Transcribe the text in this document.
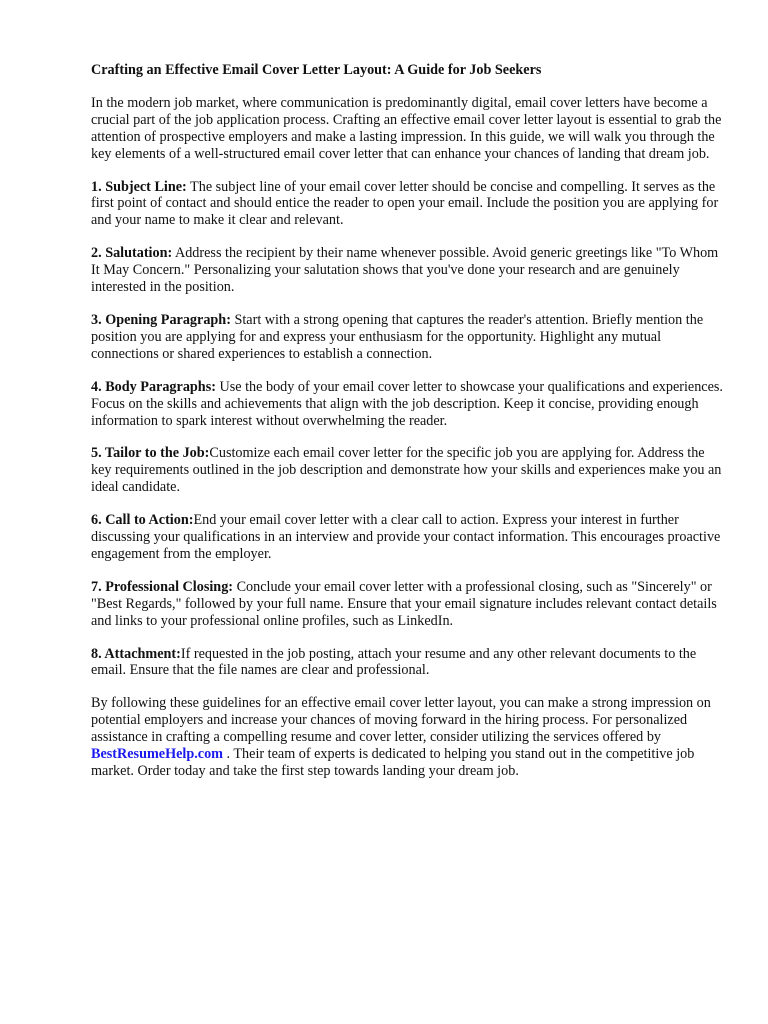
Crafting an Effective Email Cover Letter Layout: A Guide for Job Seekers
In the modern job market, where communication is predominantly digital, email cover letters have become a crucial part of the job application process. Crafting an effective email cover letter layout is essential to grab the attention of prospective employers and make a lasting impression. In this guide, we will walk you through the key elements of a well-structured email cover letter that can enhance your chances of landing that dream job.
1. Subject Line: The subject line of your email cover letter should be concise and compelling. It serves as the first point of contact and should entice the reader to open your email. Include the position you are applying for and your name to make it clear and relevant.
2. Salutation: Address the recipient by their name whenever possible. Avoid generic greetings like "To Whom It May Concern." Personalizing your salutation shows that you've done your research and are genuinely interested in the position.
3. Opening Paragraph: Start with a strong opening that captures the reader's attention. Briefly mention the position you are applying for and express your enthusiasm for the opportunity. Highlight any mutual connections or shared experiences to establish a connection.
4. Body Paragraphs: Use the body of your email cover letter to showcase your qualifications and experiences. Focus on the skills and achievements that align with the job description. Keep it concise, providing enough information to spark interest without overwhelming the reader.
5. Tailor to the Job:Customize each email cover letter for the specific job you are applying for. Address the key requirements outlined in the job description and demonstrate how your skills and experiences make you an ideal candidate.
6. Call to Action:End your email cover letter with a clear call to action. Express your interest in further discussing your qualifications in an interview and provide your contact information. This encourages proactive engagement from the employer.
7. Professional Closing: Conclude your email cover letter with a professional closing, such as "Sincerely" or "Best Regards," followed by your full name. Ensure that your email signature includes relevant contact details and links to your professional online profiles, such as LinkedIn.
8. Attachment:If requested in the job posting, attach your resume and any other relevant documents to the email. Ensure that the file names are clear and professional.
By following these guidelines for an effective email cover letter layout, you can make a strong impression on potential employers and increase your chances of moving forward in the hiring process. For personalized assistance in crafting a compelling resume and cover letter, consider utilizing the services offered by BestResumeHelp.com . Their team of experts is dedicated to helping you stand out in the competitive job market. Order today and take the first step towards landing your dream job.
